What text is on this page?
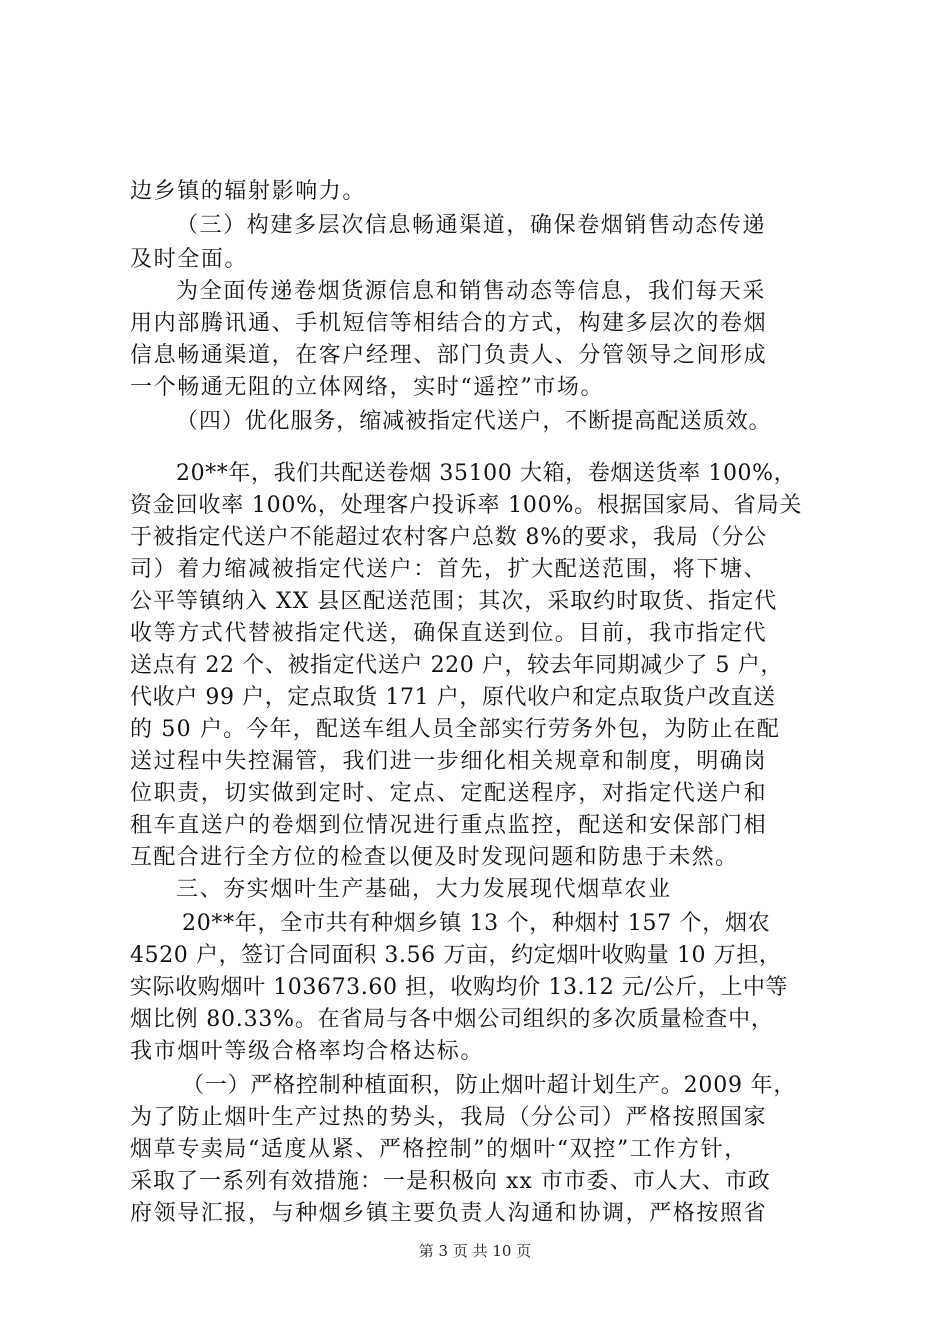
边乡镇的辐射影响力。
（三）构建多层次信息畅通渠道，确保卷烟销售动态传递
及时全面。
为全面传递卷烟货源信息和销售动态等信息，我们每天采
用内部腾讯通、手机短信等相结合的方式，构建多层次的卷烟
信息畅通渠道，在客户经理、部门负责人、分管领导之间形成
一个畅通无阻的立体网络，实时“遥控”市场。
（四）优化服务，缩减被指定代送户，不断提高配送质效。
20**年，我们共配送卷烟 35100 大箱，卷烟送货率 100%，
资金回收率 100%，处理客户投诉率 100%。根据国家局、省局关
于被指定代送户不能超过农村客户总数 8%的要求，我局（分公
司）着力缩减被指定代送户：首先，扩大配送范围，将下塘、
公平等镇纳入 XX 县区配送范围；其次，采取约时取货、指定代
收等方式代替被指定代送，确保直送到位。目前，我市指定代
送点有 22 个、被指定代送户 220 户，较去年同期减少了 5 户，
代收户 99 户，定点取货 171 户，原代收户和定点取货户改直送
的 50 户。今年，配送车组人员全部实行劳务外包，为防止在配
送过程中失控漏管，我们进一步细化相关规章和制度，明确岗
位职责，切实做到定时、定点、定配送程序，对指定代送户和
租车直送户的卷烟到位情况进行重点监控，配送和安保部门相
互配合进行全方位的检查以便及时发现问题和防患于未然。
三、夯实烟叶生产基础，大力发展现代烟草农业
20**年，全市共有种烟乡镇 13 个，种烟村 157 个，烟农
4520 户，签订合同面积 3.56 万亩，约定烟叶收购量 10 万担，
实际收购烟叶 103673.60 担，收购均价 13.12 元/公斤，上中等
烟比例 80.33%。在省局与各中烟公司组织的多次质量检查中，
我市烟叶等级合格率均合格达标。
（一）严格控制种植面积，防止烟叶超计划生产。2009 年，
为了防止烟叶生产过热的势头，我局（分公司）严格按照国家
烟草专卖局“适度从紧、严格控制”的烟叶“双控”工作方针，
采取了一系列有效措施：一是积极向 xx 市市委、市人大、市政
府领导汇报，与种烟乡镇主要负责人沟通和协调，严格按照省
第 3 页 共 10 页
